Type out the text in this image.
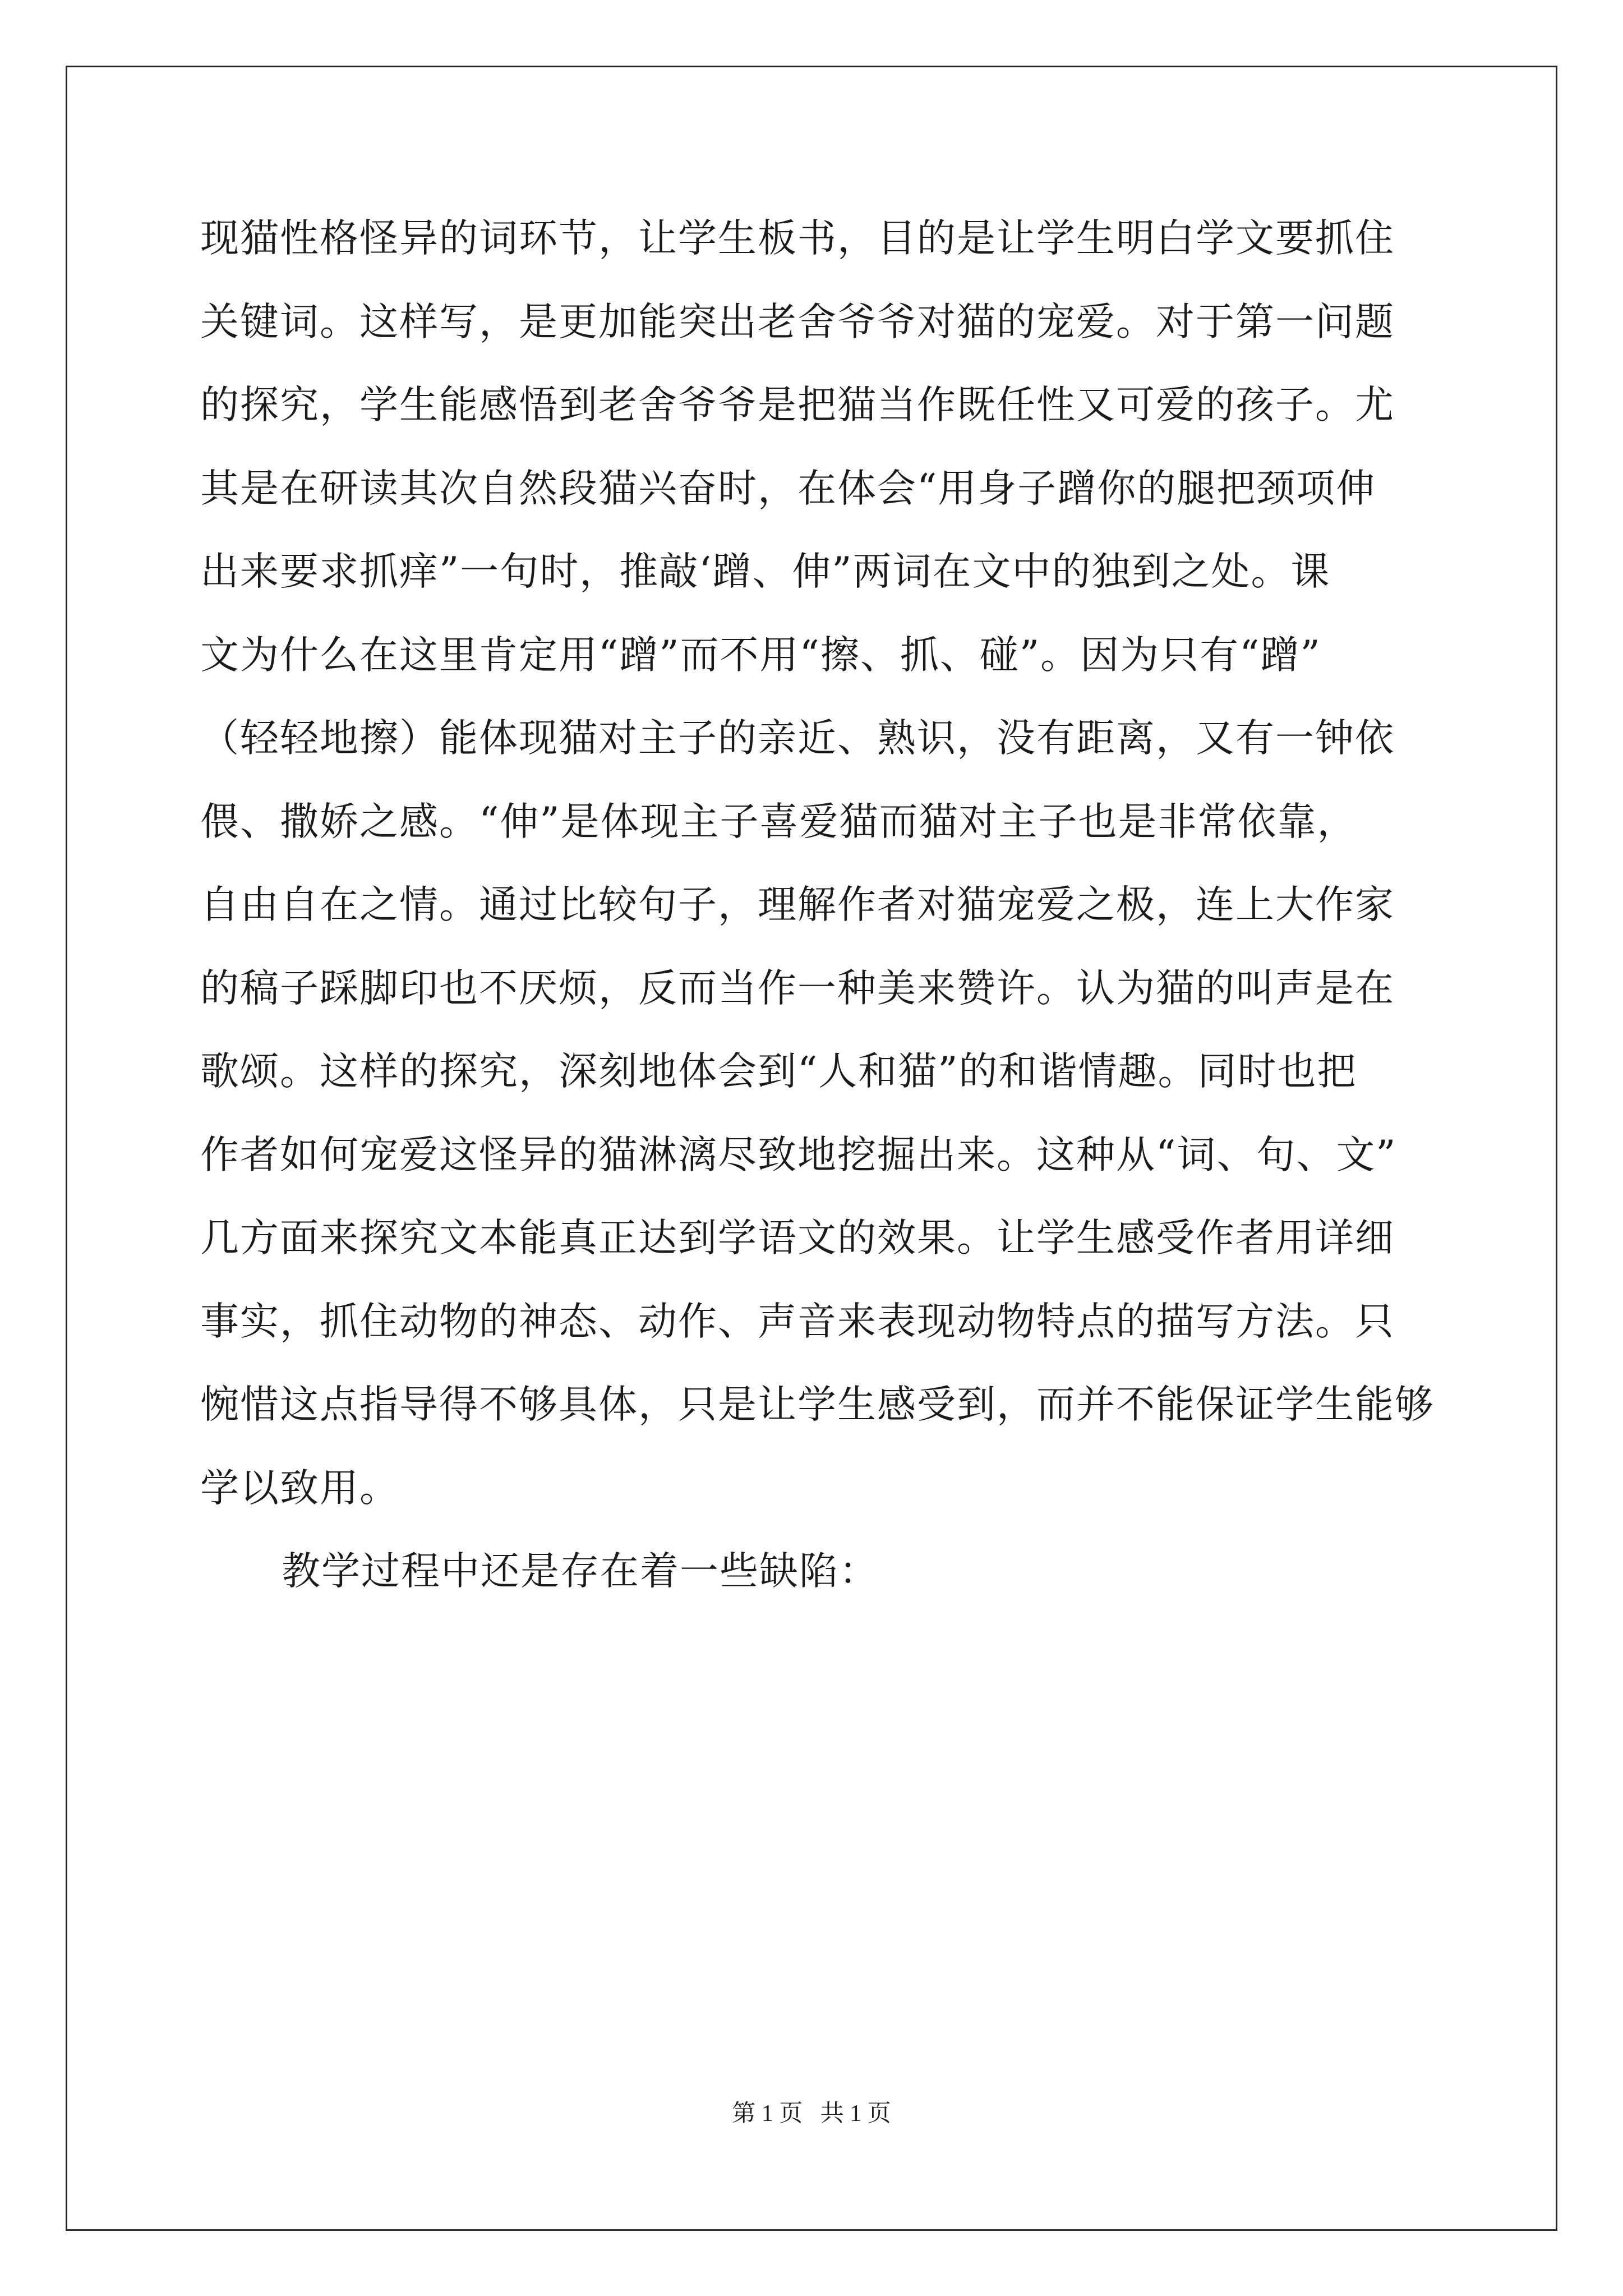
现猫性格怪异的词环节，让学生板书，目的是让学生明白学文要抓住
关键词。这样写，是更加能突出老舍爷爷对猫的宠爱。对于第一问题
的探究，学生能感悟到老舍爷爷是把猫当作既任性又可爱的孩子。尤
其是在研读其次自然段猫兴奋时，在体会“用身子蹭你的腿把颈项伸
出来要求抓痒”一句时，推敲‘蹭、伸”两词在文中的独到之处。课
文为什么在这里肯定用“蹭”而不用“擦、抓、碰”。因为只有“蹭”
（轻轻地擦）能体现猫对主子的亲近、熟识，没有距离，又有一钟依
偎、撒娇之感。“伸”是体现主子喜爱猫而猫对主子也是非常依靠，
自由自在之情。通过比较句子，理解作者对猫宠爱之极，连上大作家
的稿子踩脚印也不厌烦，反而当作一种美来赞许。认为猫的叫声是在
歌颂。这样的探究，深刻地体会到“人和猫”的和谐情趣。同时也把
作者如何宠爱这怪异的猫淋漓尽致地挖掘出来。这种从“词、句、文”
几方面来探究文本能真正达到学语文的效果。让学生感受作者用详细
事实，抓住动物的神态、动作、声音来表现动物特点的描写方法。只
惋惜这点指导得不够具体，只是让学生感受到，而并不能保证学生能够
学以致用。
教学过程中还是存在着一些缺陷：
第 1 页   共 1 页
